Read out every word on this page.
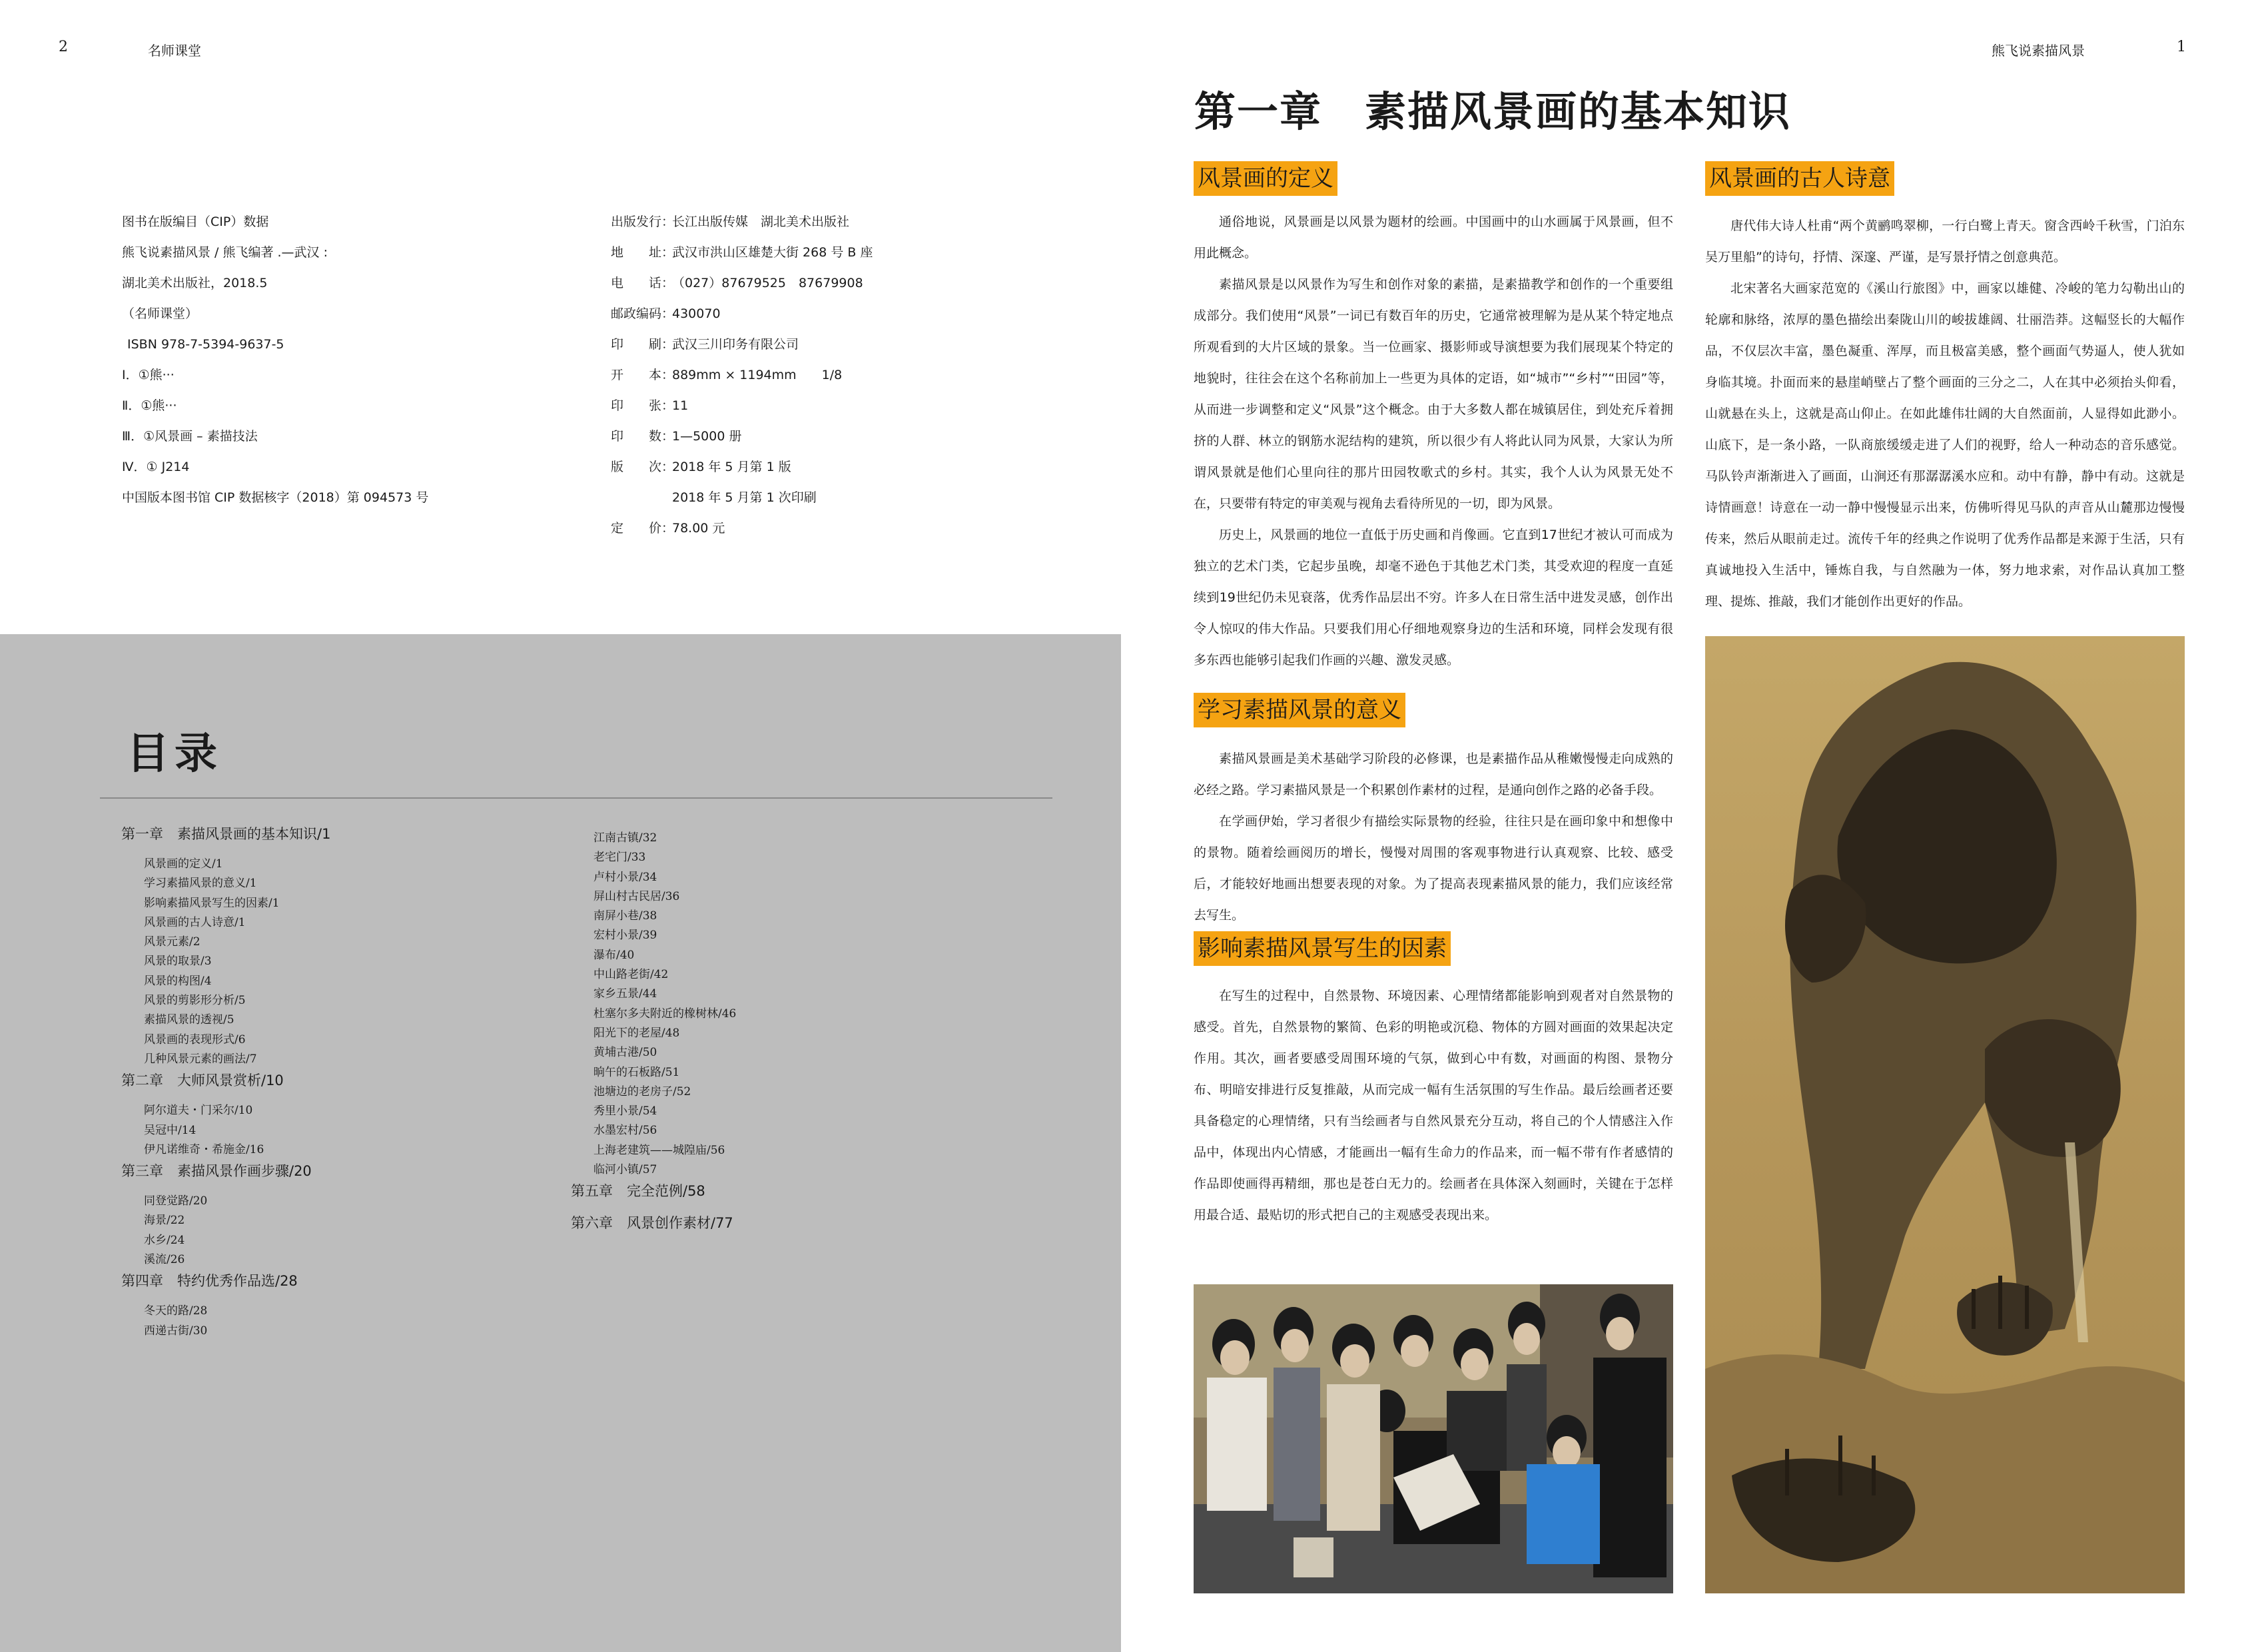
2	名师课堂
图书在版编目（CIP）数据
熊飞说素描风景 / 熊飞编著 .—武汉 :
湖北美术出版社，2018.5
（名师课堂）
ISBN 978-7-5394-9637-5
Ⅰ．①熊···
Ⅱ．①熊···
Ⅲ．①风景画 – 素描技法
Ⅳ．① J214
中国版本图书馆 CIP 数据核字（2018）第 094573 号
出版发行：
长江出版传媒　湖北美术出版社
地　　址：
武汉市洪山区雄楚大街 268 号 B 座
电　　话：
（027）87679525　87679908
邮政编码：
430070
印　　刷：
武汉三川印务有限公司
开　　本：
889mm × 1194mm　　1/8
印　　张：
11
印　　数：
1—5000 册
版　　次：
2018 年 5 月第 1 版
2018 年 5 月第 1 次印刷
定　　价：
78.00 元
目录
第一章　素描风景画的基本知识/1
风景画的定义/1
学习素描风景的意义/1
影响素描风景写生的因素/1
风景画的古人诗意/1
风景元素/2
风景的取景/3
风景的构图/4
风景的剪影形分析/5
素描风景的透视/5
风景画的表现形式/6
几种风景元素的画法/7
第二章　大师风景赏析/10
阿尔道夫・门采尔/10
吴冠中/14
伊凡诺维奇・希施金/16
第三章　素描风景作画步骤/20
同登觉路/20
海景/22
水乡/24
溪流/26
第四章　特约优秀作品选/28
冬天的路/28
西递古街/30
江南古镇/32
老宅门/33
卢村小景/34
屏山村古民居/36
南屏小巷/38
宏村小景/39
瀑布/40
中山路老街/42
家乡五景/44
杜塞尔多夫附近的橡树林/46
阳光下的老屋/48
黄埔古港/50
晌午的石板路/51
池塘边的老房子/52
秀里小景/54
水墨宏村/56
上海老建筑——城隍庙/56
临河小镇/57
第五章　完全范例/58
第六章　风景创作素材/77
熊飞说素描风景	1
第一章　素描风景画的基本知识
风景画的定义

通俗地说，风景画是以风景为题材的绘画。中国画中的山水画属于风景画，但不用此概念。

素描风景是以风景作为写生和创作对象的素描，是素描教学和创作的一个重要组成部分。我们使用“风景”一词已有数百年的历史，它通常被理解为是从某个特定地点所观看到的大片区域的景象。当一位画家、摄影师或导演想要为我们展现某个特定的地貌时，往往会在这个名称前加上一些更为具体的定语，如“城市”“乡村”“田园”等，从而进一步调整和定义“风景”这个概念。由于大多数人都在城镇居住，到处充斥着拥挤的人群、林立的钢筋水泥结构的建筑，所以很少有人将此认同为风景，大家认为所谓风景就是他们心里向往的那片田园牧歌式的乡村。其实，我个人认为风景无处不在，只要带有特定的审美观与视角去看待所见的一切，即为风景。

历史上，风景画的地位一直低于历史画和肖像画。它直到17世纪才被认可而成为独立的艺术门类，它起步虽晚，却毫不逊色于其他艺术门类，其受欢迎的程度一直延续到19世纪仍未见衰落，优秀作品层出不穷。许多人在日常生活中进发灵感，创作出令人惊叹的伟大作品。只要我们用心仔细地观察身边的生活和环境，同样会发现有很多东西也能够引起我们作画的兴趣、激发灵感。

学习素描风景的意义

素描风景画是美术基础学习阶段的必修课，也是素描作品从稚嫩慢慢走向成熟的必经之路。学习素描风景是一个积累创作素材的过程，是通向创作之路的必备手段。

在学画伊始，学习者很少有描绘实际景物的经验，往往只是在画印象中和想像中的景物。随着绘画阅历的增长，慢慢对周围的客观事物进行认真观察、比较、感受后，才能较好地画出想要表现的对象。为了提高表现素描风景的能力，我们应该经常去写生。

影响素描风景写生的因素

在写生的过程中，自然景物、环境因素、心理情绪都能影响到观者对自然景物的感受。首先，自然景物的繁简、色彩的明艳或沉稳、物体的方圆对画面的效果起决定作用。其次，画者要感受周围环境的气氛，做到心中有数，对画面的构图、景物分布、明暗安排进行反复推敲，从而完成一幅有生活氛围的写生作品。最后绘画者还要具备稳定的心理情绪，只有当绘画者与自然风景充分互动，将自己的个人情感注入作品中，体现出内心情感，才能画出一幅有生命力的作品来，而一幅不带有作者感情的作品即使画得再精细，那也是苍白无力的。绘画者在具体深入刻画时，关键在于怎样用最合适、最贴切的形式把自己的主观感受表现出来。

风景画的古人诗意

唐代伟大诗人杜甫“两个黄鹂鸣翠柳，一行白鹭上青天。窗含西岭千秋雪，门泊东吴万里船”的诗句，抒情、深邃、严谨，是写景抒情之创意典范。

北宋著名大画家范宽的《溪山行旅图》中，画家以雄健、冷峻的笔力勾勒出山的轮廓和脉络，浓厚的墨色描绘出秦陇山川的峻拔雄阔、壮丽浩莽。这幅竖长的大幅作品，不仅层次丰富，墨色凝重、浑厚，而且极富美感，整个画面气势逼人，使人犹如身临其境。扑面而来的悬崖峭壁占了整个画面的三分之二，人在其中必须抬头仰看，山就悬在头上，这就是高山仰止。在如此雄伟壮阔的大自然面前，人显得如此渺小。山底下，是一条小路，一队商旅缓缓走进了人们的视野，给人一种动态的音乐感觉。马队铃声渐渐进入了画面，山涧还有那潺潺溪水应和。动中有静，静中有动。这就是诗情画意！诗意在一动一静中慢慢显示出来，仿佛听得见马队的声音从山麓那边慢慢传来，然后从眼前走过。流传千年的经典之作说明了优秀作品都是来源于生活，只有真诚地投入生活中，锤炼自我，与自然融为一体，努力地求索，对作品认真加工整理、提炼、推敲，我们才能创作出更好的作品。
